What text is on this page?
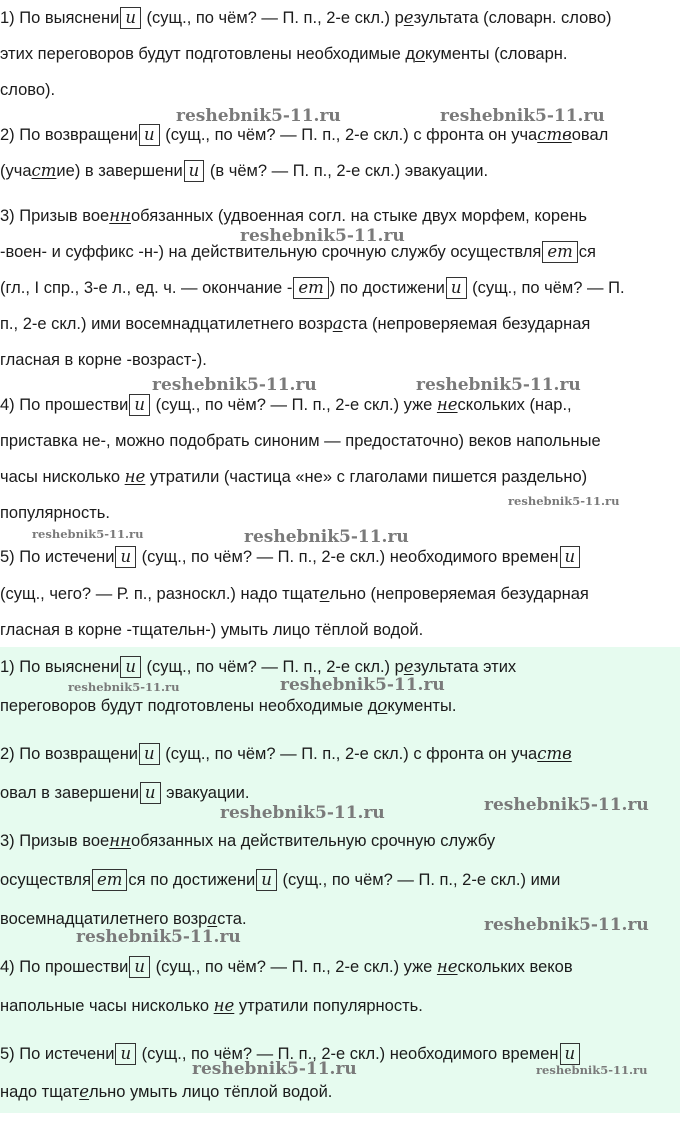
1) По выяснени и (сущ., по чём? — П. п., 2-е скл.) результата (словарн. слово)
этих переговоров будут подготовлены необходимые документы (словарн.
слово).
2) По возвращени и (сущ., по чём? — П. п., 2-е скл.) с фронта он участвовал
(участие) в завершени и (в чём? — П. п., 2-е скл.) эвакуации.
3) Призыв военнобязанных (удвоенная согл. на стыке двух морфем, корень
-воен- и суффикс -н-) на действительную срочную службу осуществля ет ся
(гл., I спр., 3-е л., ед. ч. — окончание - ет ) по достижени и (сущ., по чём? — П.
п., 2-е скл.) ими восемнадцатилетнего возраста (непроверяемая безударная
гласная в корне -возраст-).
4) По прошестви и (сущ., по чём? — П. п., 2-е скл.) уже нескольких (нар.,
приставка не-, можно подобрать синоним — предостаточно) веков напольные
часы нисколько не утратили (частица «не» с глаголами пишется раздельно)
популярность.
5) По истечени и (сущ., по чём? — П. п., 2-е скл.) необходимого времен и
(сущ., чего? — Р. п., разноскл.) надо тщательно (непроверяемая безударная
гласная в корне -тщательн-) умыть лицо тёплой водой.
1) По выяснени и (сущ., по чём? — П. п., 2-е скл.) результата этих
переговоров будут подготовлены необходимые документы.
2) По возвращени и (сущ., по чём? — П. п., 2-е скл.) с фронта он участв
овал в завершени и эвакуации.
3) Призыв военнобязанных на действительную срочную службу
осуществля ет ся по достижени и (сущ., по чём? — П. п., 2-е скл.) ими
восемнадцатилетнего возраста.
4) По прошестви и (сущ., по чём? — П. п., 2-е скл.) уже нескольких веков
напольные часы нисколько не утратили популярность.
5) По истечени и (сущ., по чём? — П. п., 2-е скл.) необходимого времен и
надо тщательно умыть лицо тёплой водой.
reshebnik5-11.ru	reshebnik5-11.ru
reshebnik5-11.ru
reshebnik5-11.ru	reshebnik5-11.ru
reshebnik5-11.ru
reshebnik5-11.ru	reshebnik5-11.ru
reshebnik5-11.ru	reshebnik5-11.ru
reshebnik5-11.ru	reshebnik5-11.ru
reshebnik5-11.ru
reshebnik5-11.ru
reshebnik5-11.ru	reshebnik5-11.ru
